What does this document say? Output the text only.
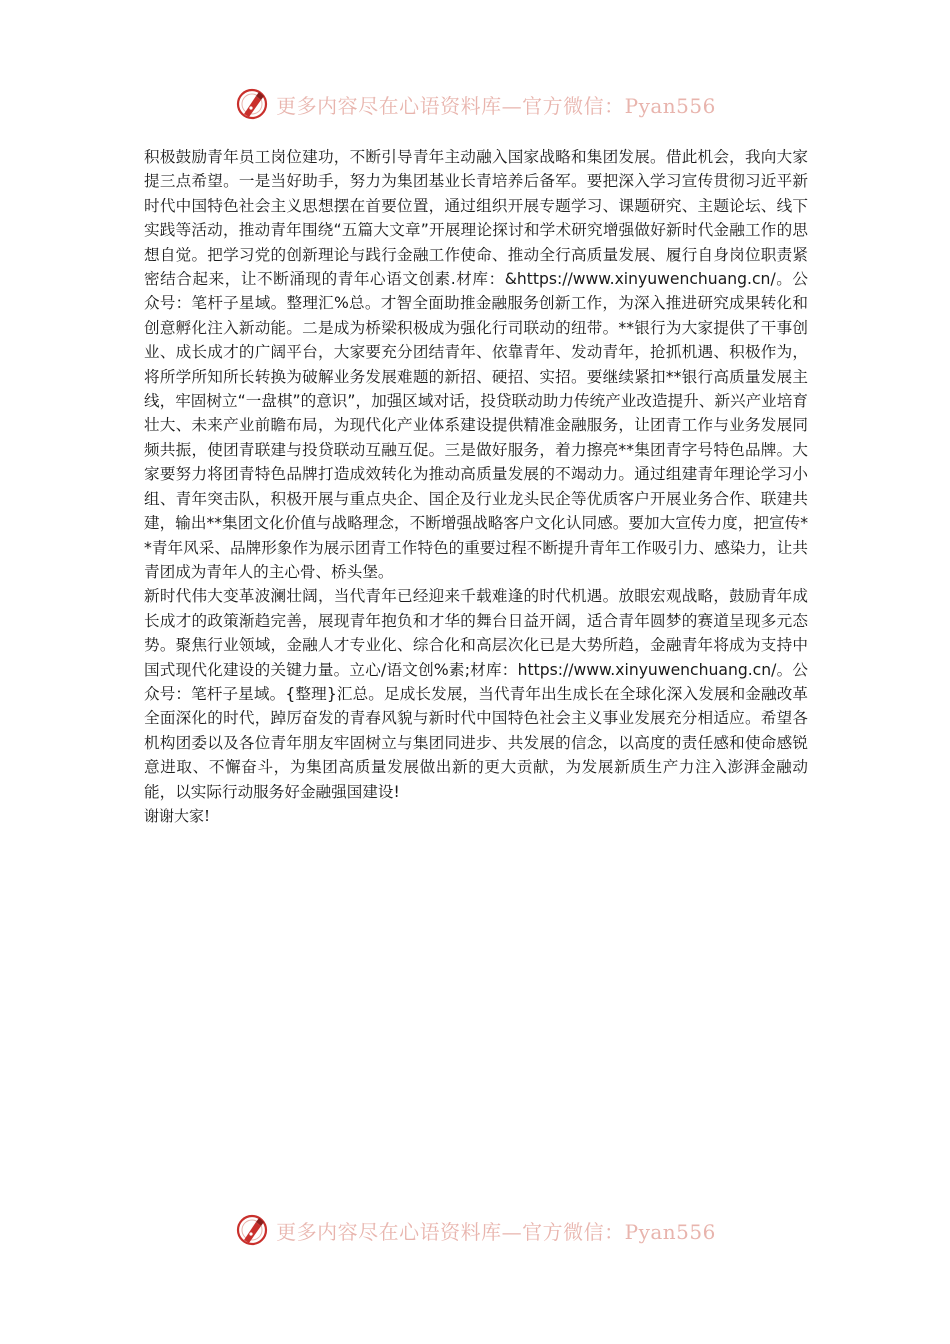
更多内容尽在心语资料库—官方微信：Pyan556

积极鼓励青年员工岗位建功，不断引导青年主动融入国家战略和集团发展。借此机会，我向大家提三点希望。一是当好助手，努力为集团基业长青培养后备军。要把深入学习宣传贯彻习近平新时代中国特色社会主义思想摆在首要位置，通过组织开展专题学习、课题研究、主题论坛、线下实践等活动，推动青年围绕“五篇大文章”开展理论探讨和学术研究增强做好新时代金融工作的思想自觉。把学习党的创新理论与践行金融工作使命、推动全行高质量发展、履行自身岗位职责紧密结合起来，让不断涌现的青年心语文创素.材库：&https://www.xinyuwenchuang.cn/。公众号：笔杆子星域。整理汇%总。才智全面助推金融服务创新工作，为深入推进研究成果转化和创意孵化注入新动能。二是成为桥梁积极成为强化行司联动的纽带。**银行为大家提供了干事创业、成长成才的广阔平台，大家要充分团结青年、依靠青年、发动青年，抢抓机遇、积极作为，将所学所知所长转换为破解业务发展难题的新招、硬招、实招。要继续紧扣**银行高质量发展主线，牢固树立“一盘棋”的意识”，加强区域对话，投贷联动助力传统产业改造提升、新兴产业培育壮大、未来产业前瞻布局，为现代化产业体系建设提供精准金融服务，让团青工作与业务发展同频共振，使团青联建与投贷联动互融互促。三是做好服务，着力擦亮**集团青字号特色品牌。大家要努力将团青特色品牌打造成效转化为推动高质量发展的不竭动力。通过组建青年理论学习小组、青年突击队，积极开展与重点央企、国企及行业龙头民企等优质客户开展业务合作、联建共建，输出**集团文化价值与战略理念，不断增强战略客户文化认同感。要加大宣传力度，把宣传**青年风采、品牌形象作为展示团青工作特色的重要过程不断提升青年工作吸引力、感染力，让共青团成为青年人的主心骨、桥头堡。

新时代伟大变革波澜壮阔，当代青年已经迎来千载难逢的时代机遇。放眼宏观战略，鼓励青年成长成才的政策渐趋完善，展现青年抱负和才华的舞台日益开阔，适合青年圆梦的赛道呈现多元态势。聚焦行业领域，金融人才专业化、综合化和高层次化已是大势所趋，金融青年将成为支持中国式现代化建设的关键力量。立心/语文创%素;材库：https://www.xinyuwenchuang.cn/。公众号：笔杆子星域。{整理}汇总。足成长发展，当代青年出生成长在全球化深入发展和金融改革全面深化的时代，踔厉奋发的青春风貌与新时代中国特色社会主义事业发展充分相适应。希望各机构团委以及各位青年朋友牢固树立与集团同进步、共发展的信念，以高度的责任感和使命感锐意进取、不懈奋斗，为集团高质量发展做出新的更大贡献，为发展新质生产力注入澎湃金融动能，以实际行动服务好金融强国建设!

谢谢大家!

更多内容尽在心语资料库—官方微信：Pyan556
